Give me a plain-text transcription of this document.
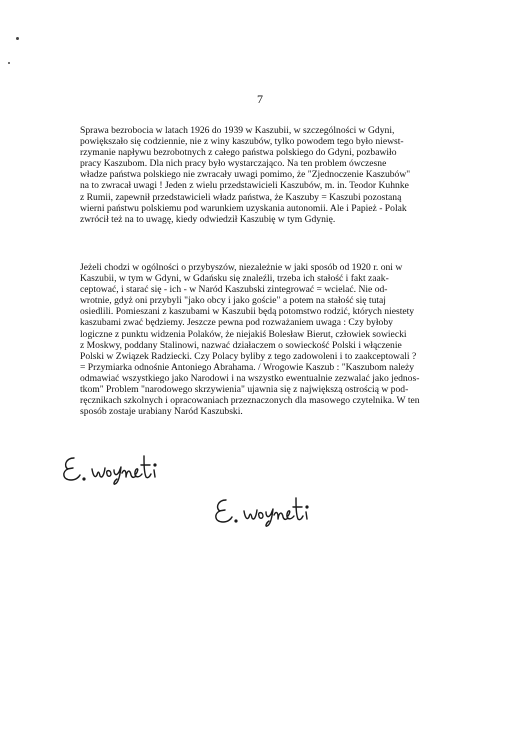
7

Sprawa bezrobocia w latach 1926 do 1939 w Kaszubii, w szczególności w Gdyni,
powiększało się codziennie, nie z winy kaszubów, tylko powodem tego było niewst-
rzymanie napływu bezrobotnych z całego państwa polskiego do Gdyni, pozbawiło
pracy Kaszubom. Dla nich pracy było wystarczająco. Na ten problem ówczesne
władze państwa polskiego nie zwracały uwagi pomimo, że "Zjednoczenie Kaszubów"
na to zwracał uwagi ! Jeden z wielu przedstawicieli Kaszubów, m. in. Teodor Kuhnke
z Rumii, zapewnił przedstawicieli władz państwa, że Kaszuby = Kaszubi pozostaną
wierni państwu polskiemu pod warunkiem uzyskania autonomii. Ale i Papież - Polak
zwrócił też na to uwagę, kiedy odwiedził Kaszubię w tym Gdynię.

Jeżeli chodzi w ogólności o przybyszów, niezależnie w jaki sposób od 1920 r. oni w
Kaszubii, w tym w Gdyni, w Gdańsku się znaleźli, trzeba ich stałość i fakt zaak-
ceptować, i starać się - ich - w Naród Kaszubski zintegrować = wcielać. Nie od-
wrotnie, gdyż oni przybyli "jako obcy i jako goście" a potem na stałość się tutaj
osiedlili. Pomieszani z kaszubami w Kaszubii będą potomstwo rodzić, których niestety
kaszubami zwać będziemy. Jeszcze pewna pod rozważaniem uwaga : Czy byłoby
logiczne z punktu widzenia Polaków, że niejakiś Bolesław Bierut, człowiek sowiecki
z Moskwy, poddany Stalinowi, nazwać działaczem o sowieckość Polski i włączenie
Polski w Związek Radziecki. Czy Polacy byliby z tego zadowoleni i to zaakceptowali ?
= Przymiarka odnośnie Antoniego Abrahama. / Wrogowie Kaszub : "Kaszubom należy
odmawiać wszystkiego jako Narodowi i na wszystko ewentualnie zezwalać jako jednos-
tkom" Problem "narodowego skrzywienia" ujawnia się z największą ostrością w pod-
ręcznikach szkolnych i opracowaniach przeznaczonych dla masowego czytelnika. W ten
sposób zostaje urabiany Naród Kaszubski.
